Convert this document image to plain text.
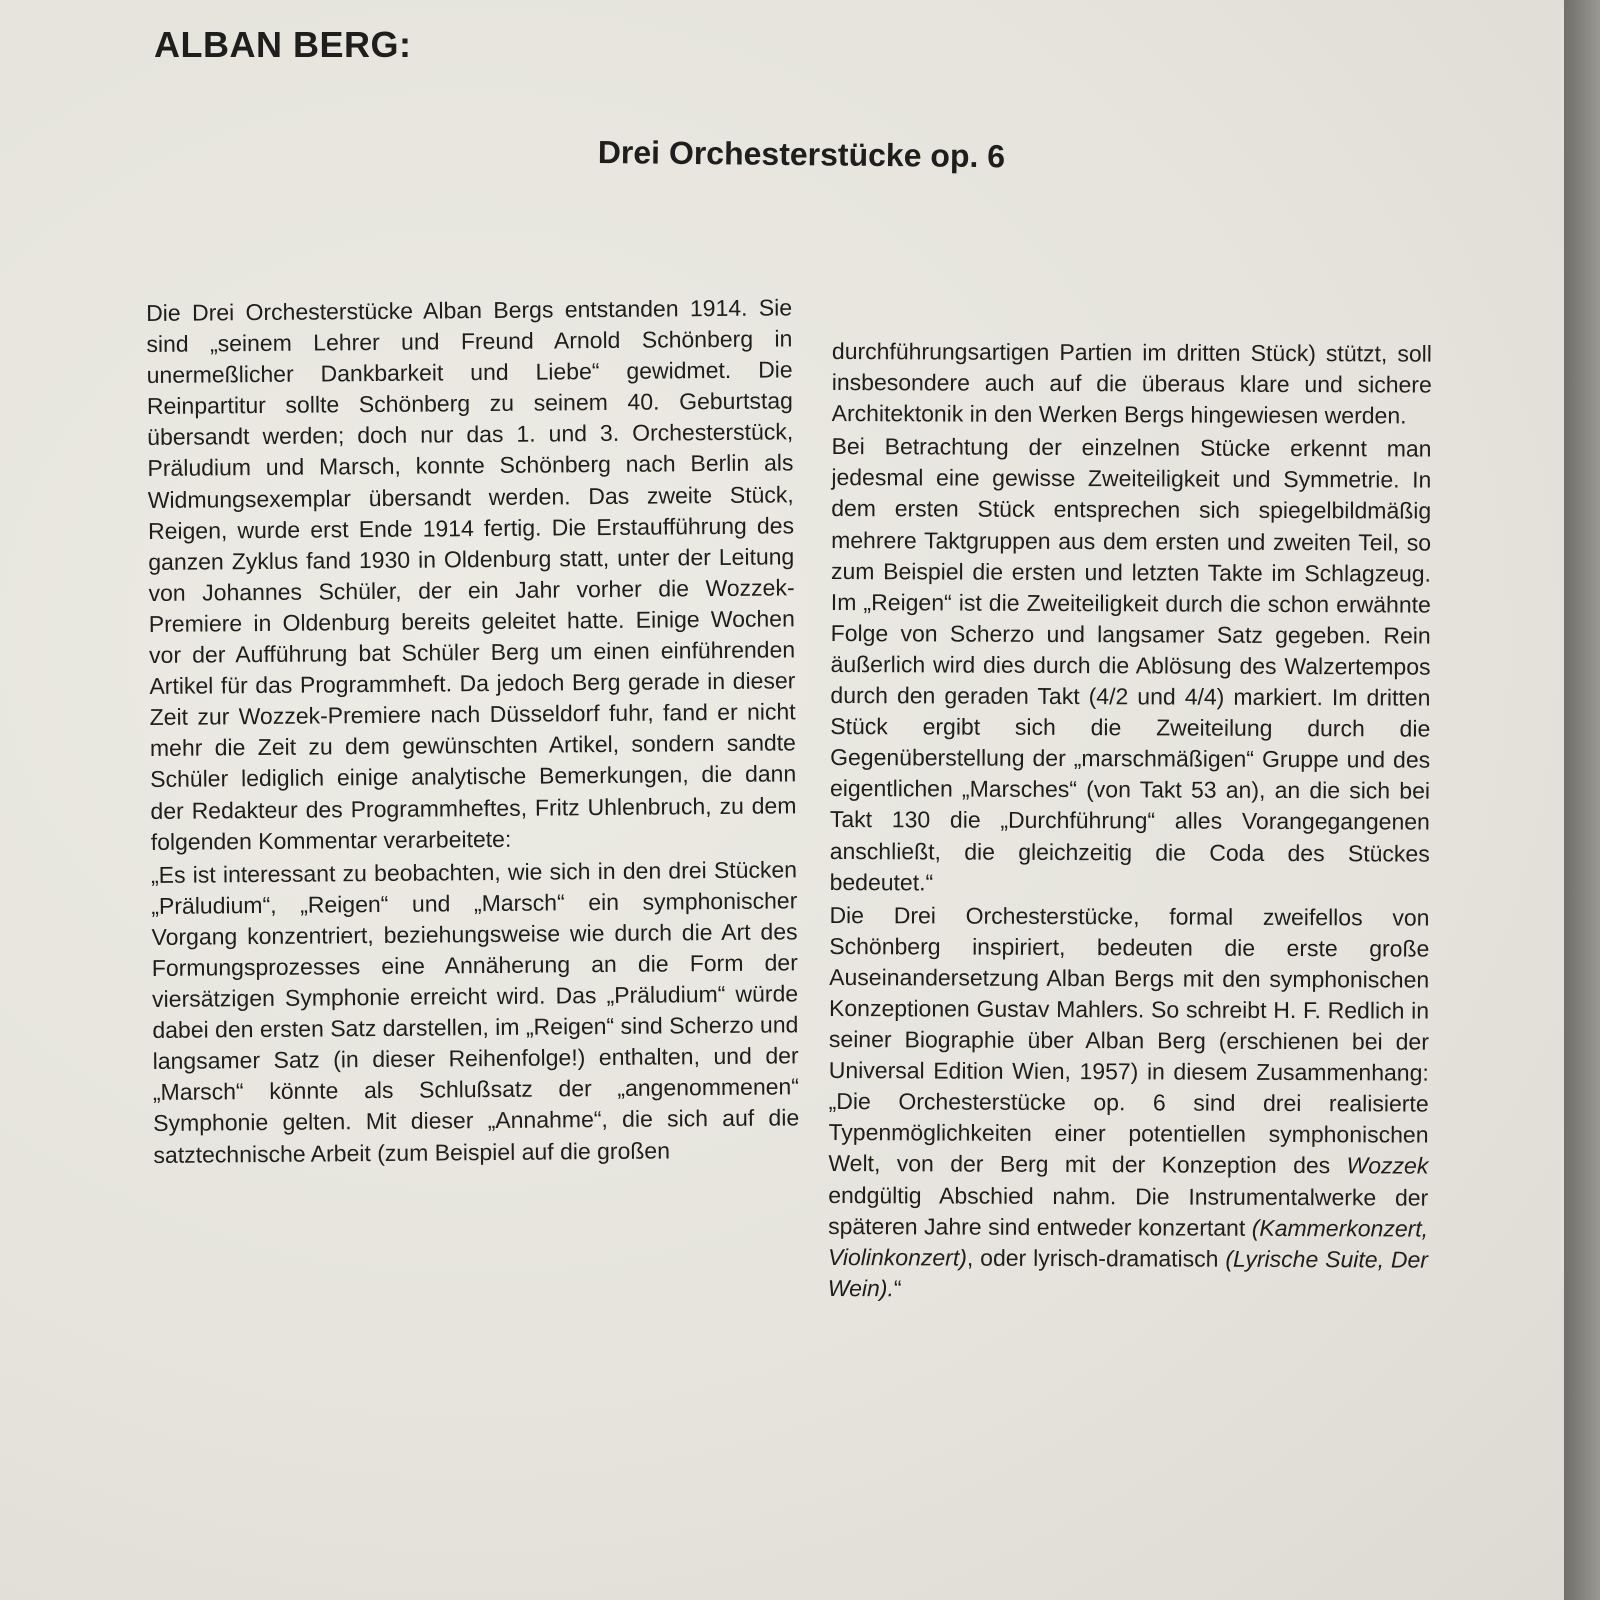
ALBAN BERG:
Drei Orchesterstücke op. 6

Die Drei Orchesterstücke Alban Bergs entstanden 1914. Sie sind „seinem Lehrer und Freund Arnold Schönberg in unermeßlicher Dankbarkeit und Liebe“ gewidmet. Die Reinpartitur sollte Schönberg zu seinem 40. Geburtstag übersandt werden; doch nur das 1. und 3. Orchesterstück, Präludium und Marsch, konnte Schönberg nach Berlin als Widmungsexemplar übersandt werden. Das zweite Stück, Reigen, wurde erst Ende 1914 fertig. Die Erstaufführung des ganzen Zyklus fand 1930 in Oldenburg statt, unter der Leitung von Johannes Schüler, der ein Jahr vorher die Wozzek-Premiere in Oldenburg bereits geleitet hatte. Einige Wochen vor der Aufführung bat Schüler Berg um einen einführenden Artikel für das Programmheft. Da jedoch Berg gerade in dieser Zeit zur Wozzek-Premiere nach Düsseldorf fuhr, fand er nicht mehr die Zeit zu dem gewünschten Artikel, sondern sandte Schüler lediglich einige analytische Bemerkungen, die dann der Redakteur des Programmheftes, Fritz Uhlenbruch, zu dem folgenden Kommentar verarbeitete:

„Es ist interessant zu beobachten, wie sich in den drei Stücken „Präludium“, „Reigen“ und „Marsch“ ein symphonischer Vorgang konzentriert, beziehungsweise wie durch die Art des Formungsprozesses eine Annäherung an die Form der viersätzigen Symphonie erreicht wird. Das „Präludium“ würde dabei den ersten Satz darstellen, im „Reigen“ sind Scherzo und langsamer Satz (in dieser Reihenfolge!) enthalten, und der „Marsch“ könnte als Schlußsatz der „angenommenen“ Symphonie gelten. Mit dieser „Annahme“, die sich auf die satztechnische Arbeit (zum Beispiel auf die großen

durchführungsartigen Partien im dritten Stück) stützt, soll insbesondere auch auf die überaus klare und sichere Architektonik in den Werken Bergs hingewiesen werden.

Bei Betrachtung der einzelnen Stücke erkennt man jedesmal eine gewisse Zweiteiligkeit und Symmetrie. In dem ersten Stück entsprechen sich spiegelbildmäßig mehrere Taktgruppen aus dem ersten und zweiten Teil, so zum Beispiel die ersten und letzten Takte im Schlagzeug. Im „Reigen“ ist die Zweiteiligkeit durch die schon erwähnte Folge von Scherzo und langsamer Satz gegeben. Rein äußerlich wird dies durch die Ablösung des Walzertempos durch den geraden Takt (4/2 und 4/4) markiert. Im dritten Stück ergibt sich die Zweiteilung durch die Gegenüberstellung der „marschmäßigen“ Gruppe und des eigentlichen „Marsches“ (von Takt 53 an), an die sich bei Takt 130 die „Durchführung“ alles Vorangegangenen anschließt, die gleichzeitig die Coda des Stückes bedeutet.“

Die Drei Orchesterstücke, formal zweifellos von Schönberg inspiriert, bedeuten die erste große Auseinandersetzung Alban Bergs mit den symphonischen Konzeptionen Gustav Mahlers. So schreibt H. F. Redlich in seiner Biographie über Alban Berg (erschienen bei der Universal Edition Wien, 1957) in diesem Zusammenhang: „Die Orchesterstücke op. 6 sind drei realisierte Typenmöglichkeiten einer potentiellen symphonischen Welt, von der Berg mit der Konzeption des Wozzek endgültig Abschied nahm. Die Instrumentalwerke der späteren Jahre sind entweder konzertant (Kammerkonzert, Violinkonzert), oder lyrisch-dramatisch (Lyrische Suite, Der Wein).“
